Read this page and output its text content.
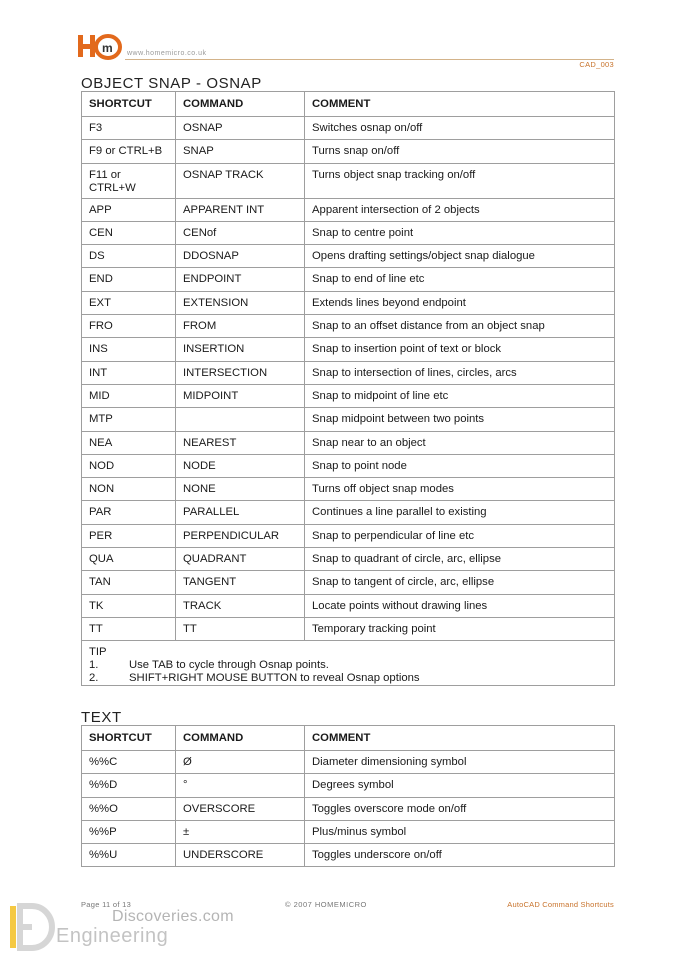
m www.homemicro.co.uk
CAD_003
OBJECT SNAP - OSNAP
SHORTCUT	COMMAND	COMMENT
F3	OSNAP	Switches osnap on/off
F9 or CTRL+B	SNAP	Turns snap on/off
F11 or
CTRL+W	OSNAP TRACK	Turns object snap tracking on/off
APP	APPARENT INT	Apparent intersection of 2 objects
CEN	CENof	Snap to centre point
DS	DDOSNAP	Opens drafting settings/object snap dialogue
END	ENDPOINT	Snap to end of line etc
EXT	EXTENSION	Extends lines beyond endpoint
FRO	FROM	Snap to an offset distance from an object snap
INS	INSERTION	Snap to insertion point of text or block
INT	INTERSECTION	Snap to intersection of lines, circles, arcs
MID	MIDPOINT	Snap to midpoint of line etc
MTP		Snap midpoint between two points
NEA	NEAREST	Snap near to an object
NOD	NODE	Snap to point node
NON	NONE	Turns off object snap modes
PAR	PARALLEL	Continues a line parallel to existing
PER	PERPENDICULAR	Snap to perpendicular of line etc
QUA	QUADRANT	Snap to quadrant of circle, arc, ellipse
TAN	TANGENT	Snap to tangent of circle, arc, ellipse
TK	TRACK	Locate points without drawing lines
TT	TT	Temporary tracking point

TIP
1. Use TAB to cycle through Osnap points.
2. SHIFT+RIGHT MOUSE BUTTON to reveal Osnap options		
TEXT
SHORTCUT	COMMAND	COMMENT
%%C	Ø	Diameter dimensioning symbol
%%D	°	Degrees symbol
%%O	OVERSCORE	Toggles overscore mode on/off
%%P	±	Plus/minus symbol
%%U	UNDERSCORE	Toggles underscore on/off
Page 11 of 13	© 2007 HOMEMICRO	AutoCAD Command Shortcuts
Discoveries.com
Engineering
